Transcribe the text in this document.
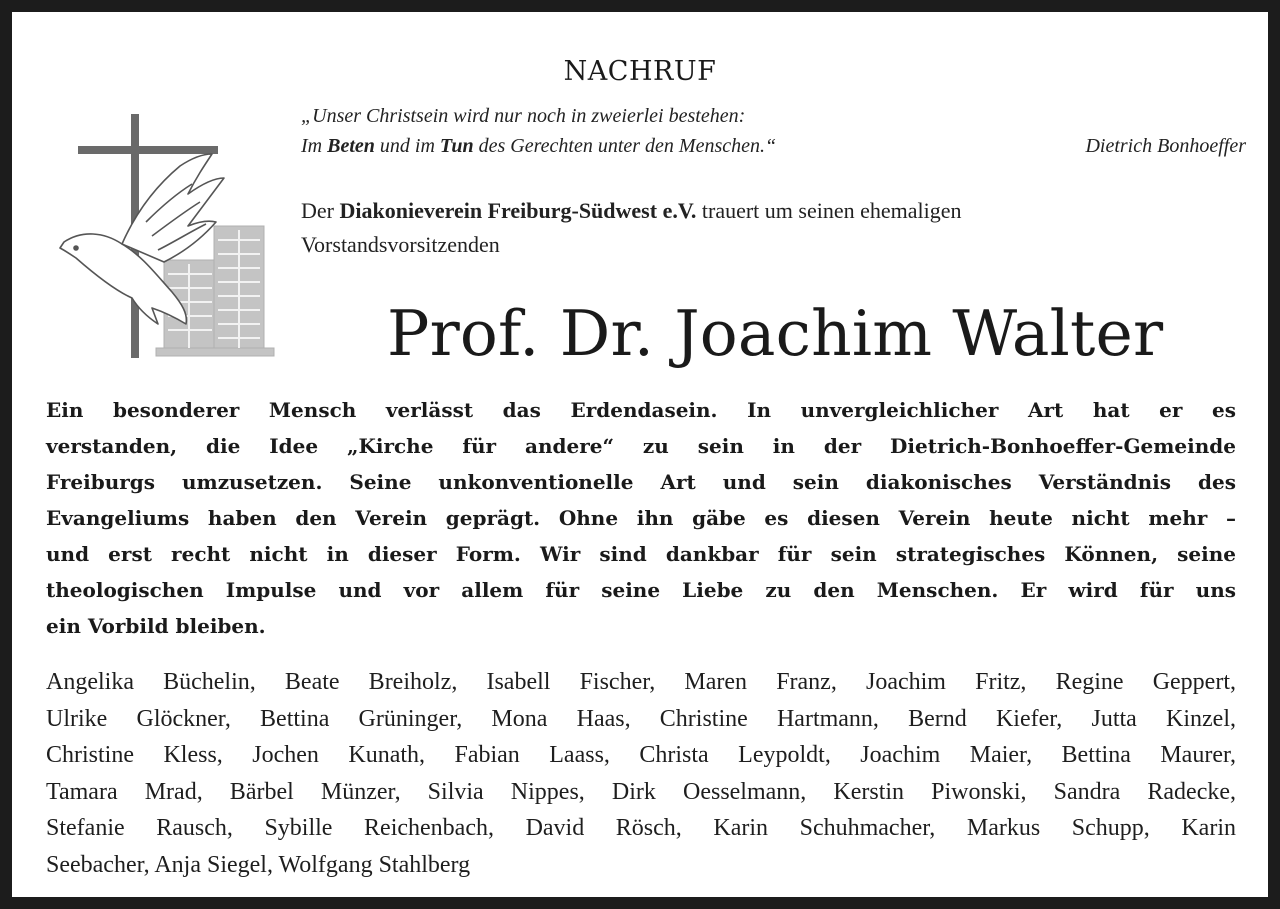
NACHRUF
„Unser Christsein wird nur noch in zweierlei bestehen:
Im Beten und im Tun des Gerechten unter den Menschen.“	Dietrich Bonhoeffer
Der Diakonieverein Freiburg-Südwest e.V. trauert um seinen ehemaligen
Vorstandsvorsitzenden
Prof. Dr. Joachim Walter
Ein besonderer Mensch verlässt das Erdendasein. In unvergleichlicher Art hat er es
verstanden, die Idee „Kirche für andere“ zu sein in der Dietrich-Bonhoeffer-Gemeinde
Freiburgs umzusetzen. Seine unkonventionelle Art und sein diakonisches Verständnis des
Evangeliums haben den Verein geprägt. Ohne ihn gäbe es diesen Verein heute nicht mehr –
und erst recht nicht in dieser Form. Wir sind dankbar für sein strategisches Können, seine
theologischen Impulse und vor allem für seine Liebe zu den Menschen. Er wird für uns
ein Vorbild bleiben.
Angelika Büchelin, Beate Breiholz, Isabell Fischer, Maren Franz, Joachim Fritz, Regine Geppert,
Ulrike Glöckner, Bettina Grüninger, Mona Haas, Christine Hartmann, Bernd Kiefer, Jutta Kinzel,
Christine Kless, Jochen Kunath, Fabian Laass, Christa Leypoldt, Joachim Maier, Bettina Maurer,
Tamara Mrad, Bärbel Münzer, Silvia Nippes, Dirk Oesselmann, Kerstin Piwonski, Sandra Radecke,
Stefanie Rausch, Sybille Reichenbach, David Rösch, Karin Schuhmacher, Markus Schupp, Karin
Seebacher, Anja Siegel, Wolfgang Stahlberg
